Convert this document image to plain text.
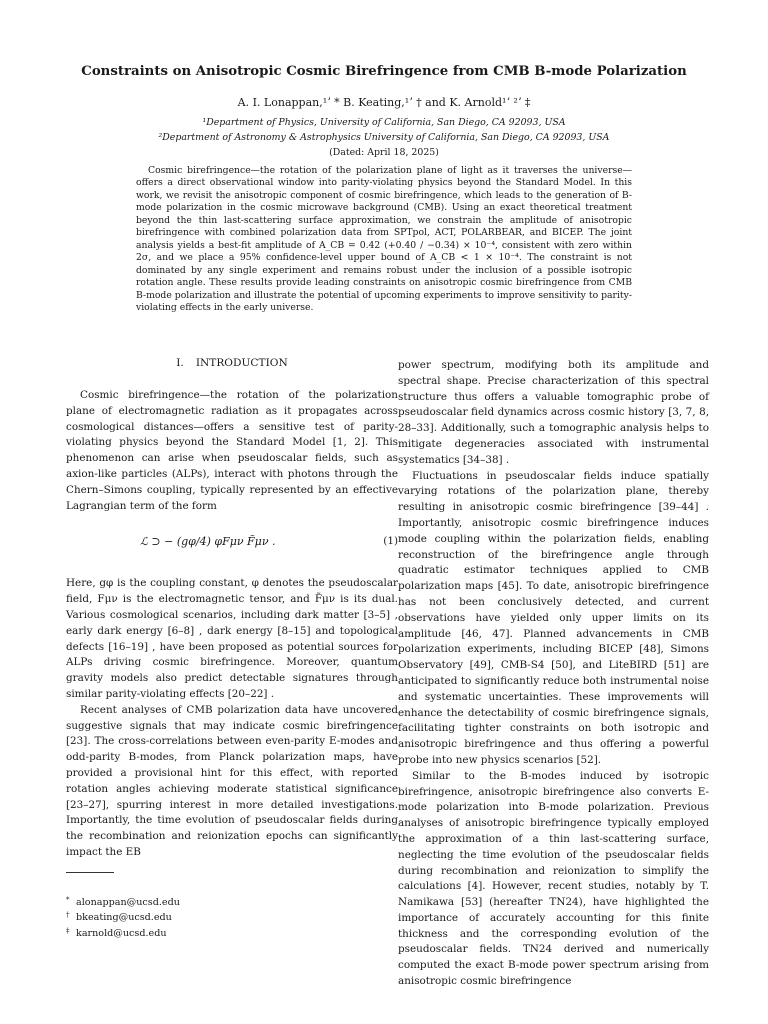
Constraints on Anisotropic Cosmic Birefringence from CMB B-mode Polarization
A. I. Lonappan,¹ʼ * B. Keating,¹ʼ † and K. Arnold¹ʼ ²ʼ ‡
¹Department of Physics, University of California, San Diego, CA 92093, USA
²Department of Astronomy & Astrophysics University of California, San Diego, CA 92093, USA
(Dated: April 18, 2025)

Cosmic birefringence—the rotation of the polarization plane of light as it traverses the universe—offers a direct observational window into parity-violating physics beyond the Standard Model. In this work, we revisit the anisotropic component of cosmic birefringence, which leads to the generation of B-mode polarization in the cosmic microwave background (CMB). Using an exact theoretical treatment beyond the thin last-scattering surface approximation, we constrain the amplitude of anisotropic birefringence with combined polarization data from SPTpol, ACT, POLARBEAR, and BICEP. The joint analysis yields a best-fit amplitude of A_CB = 0.42 (+0.40 / −0.34) × 10⁻⁴, consistent with zero within 2σ, and we place a 95% confidence-level upper bound of A_CB < 1 × 10⁻⁴. The constraint is not dominated by any single experiment and remains robust under the inclusion of a possible isotropic rotation angle. These results provide leading constraints on anisotropic cosmic birefringence from CMB B-mode polarization and illustrate the potential of upcoming experiments to improve sensitivity to parity-violating effects in the early universe.

I. INTRODUCTION

Cosmic birefringence—the rotation of the polarization plane of electromagnetic radiation as it propagates across cosmological distances—offers a sensitive test of parity-violating physics beyond the Standard Model [1, 2]. This phenomenon can arise when pseudoscalar fields, such as axion-like particles (ALPs), interact with photons through the Chern–Simons coupling, typically represented by an effective Lagrangian term of the form

ℒ ⊃ − (gφ/4) φFμν F̃μν .	(1)

Here, gφ is the coupling constant, φ denotes the pseudoscalar field, Fμν is the electromagnetic tensor, and F̃μν is its dual. Various cosmological scenarios, including dark matter [3–5] , early dark energy [6–8] , dark energy [8–15] and topological defects [16–19] , have been proposed as potential sources for ALPs driving cosmic birefringence. Moreover, quantum gravity models also predict detectable signatures through similar parity-violating effects [20–22] .

Recent analyses of CMB polarization data have uncovered suggestive signals that may indicate cosmic birefringence [23]. The cross-correlations between even-parity E-modes and odd-parity B-modes, from Planck polarization maps, have provided a provisional hint for this effect, with reported rotation angles achieving moderate statistical significance [23–27], spurring interest in more detailed investigations. Importantly, the time evolution of pseudoscalar fields during the recombination and reionization epochs can significantly impact the EB

power spectrum, modifying both its amplitude and spectral shape. Precise characterization of this spectral structure thus offers a valuable tomographic probe of pseudoscalar field dynamics across cosmic history [3, 7, 8, 28–33]. Additionally, such a tomographic analysis helps to mitigate degeneracies associated with instrumental systematics [34–38] .

Fluctuations in pseudoscalar fields induce spatially varying rotations of the polarization plane, thereby resulting in anisotropic cosmic birefringence [39–44] . Importantly, anisotropic cosmic birefringence induces mode coupling within the polarization fields, enabling reconstruction of the birefringence angle through quadratic estimator techniques applied to CMB polarization maps [45]. To date, anisotropic birefringence has not been conclusively detected, and current observations have yielded only upper limits on its amplitude [46, 47]. Planned advancements in CMB polarization experiments, including BICEP [48], Simons Observatory [49], CMB-S4 [50], and LiteBIRD [51] are anticipated to significantly reduce both instrumental noise and systematic uncertainties. These improvements will enhance the detectability of cosmic birefringence signals, facilitating tighter constraints on both isotropic and anisotropic birefringence and thus offering a powerful probe into new physics scenarios [52].

Similar to the B-modes induced by isotropic birefringence, anisotropic birefringence also converts E-mode polarization into B-mode polarization. Previous analyses of anisotropic birefringence typically employed the approximation of a thin last-scattering surface, neglecting the time evolution of the pseudoscalar fields during recombination and reionization to simplify the calculations [4]. However, recent studies, notably by T. Namikawa [53] (hereafter TN24), have highlighted the importance of accurately accounting for this finite thickness and the corresponding evolution of the pseudoscalar fields. TN24 derived and numerically computed the exact B-mode power spectrum arising from anisotropic cosmic birefringence

* alonappan@ucsd.edu
† bkeating@ucsd.edu
‡ karnold@ucsd.edu
